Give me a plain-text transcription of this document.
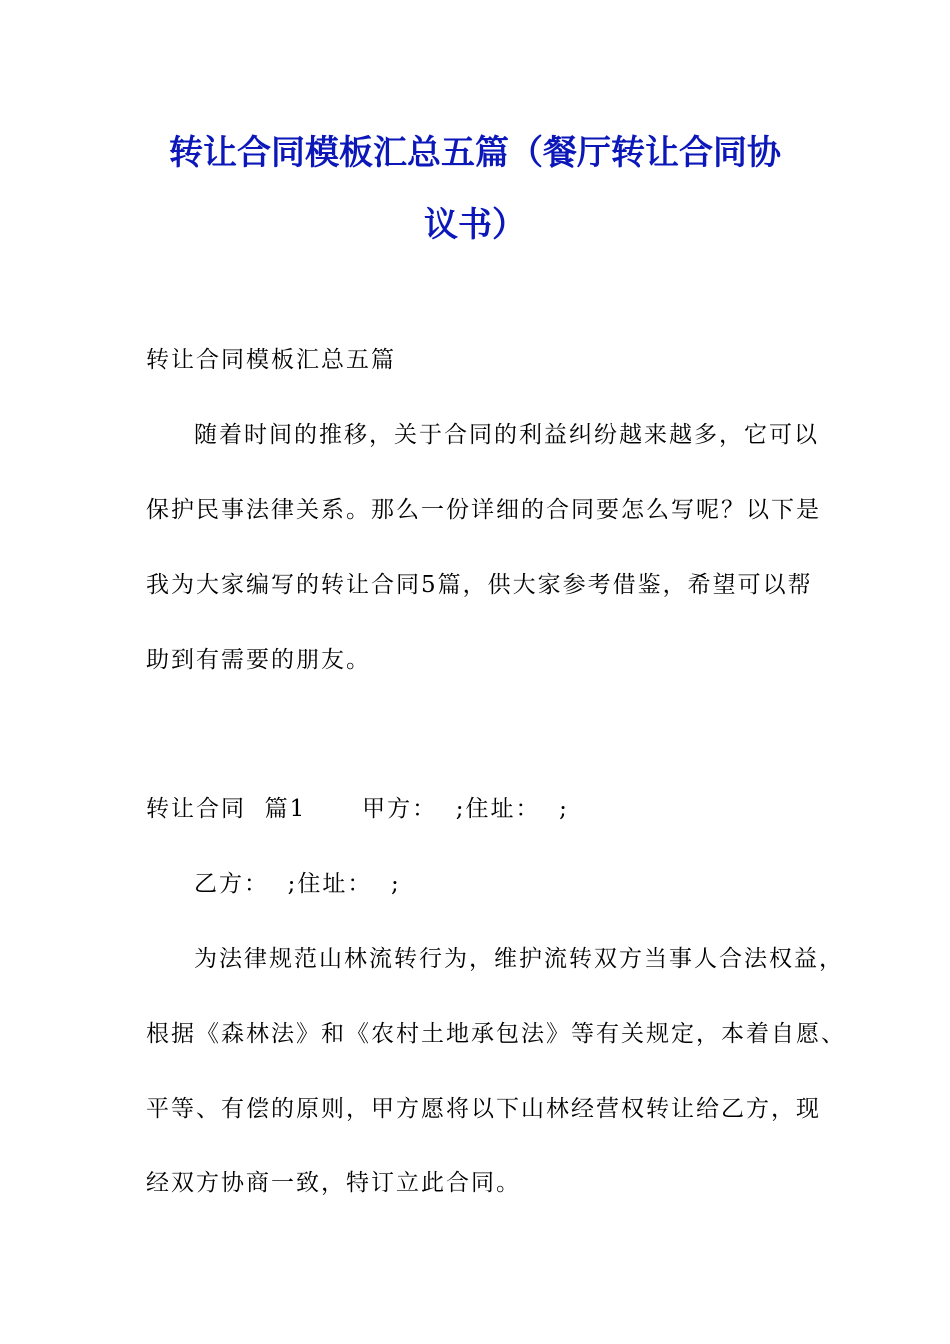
转让合同模板汇总五篇（餐厅转让合同协
议书）
转让合同模板汇总五篇
随着时间的推移，关于合同的利益纠纷越来越多，它可以
保护民事法律关系。那么一份详细的合同要怎么写呢？以下是
我为大家编写的转让合同5篇，供大家参考借鉴，希望可以帮
助到有需要的朋友。
转让合同  篇1      甲方：  ;住址：  ;
乙方：  ;住址：  ;
为法律规范山林流转行为，维护流转双方当事人合法权益，
根据《森林法》和《农村土地承包法》等有关规定，本着自愿、
平等、有偿的原则，甲方愿将以下山林经营权转让给乙方，现
经双方协商一致，特订立此合同。
